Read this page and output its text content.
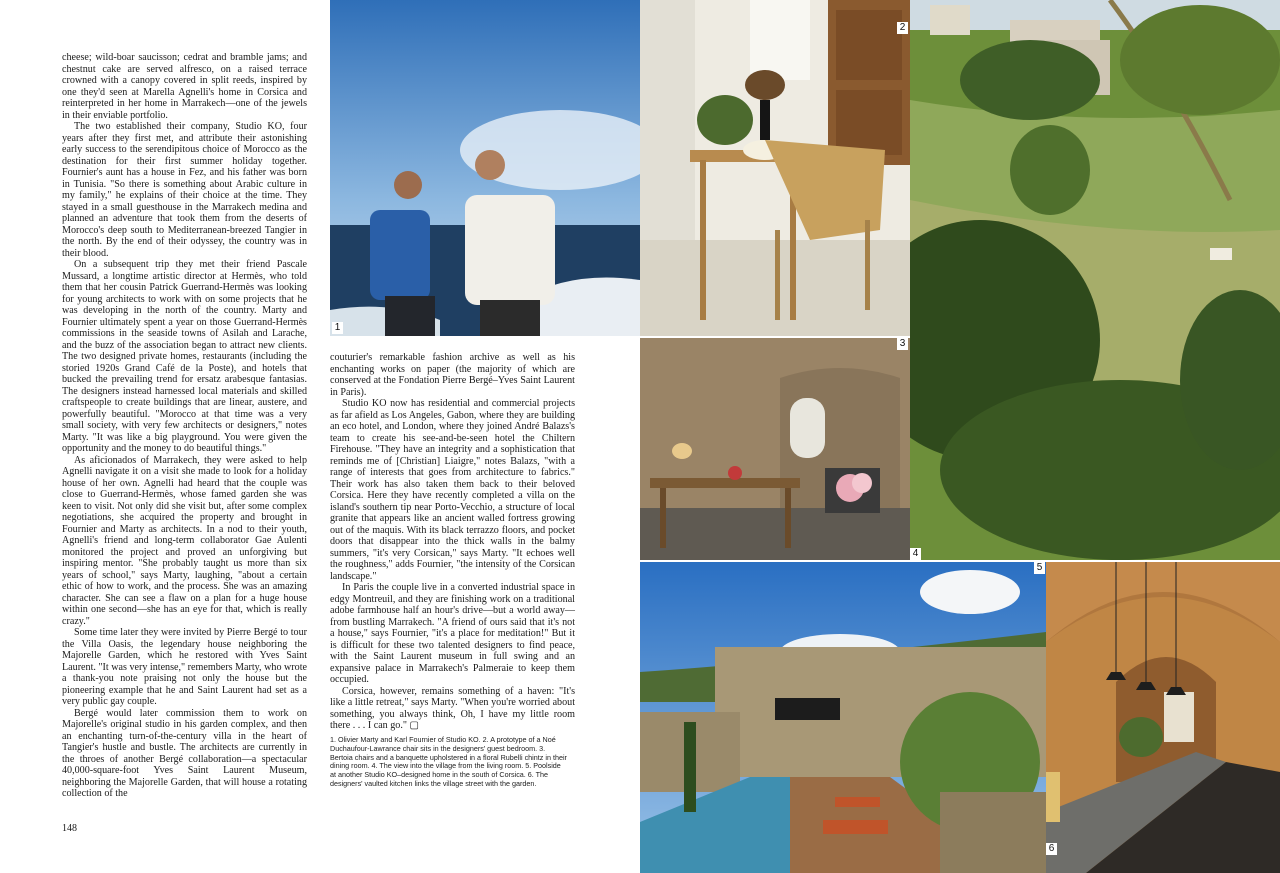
cheese; wild-boar saucisson; cedrat and bramble jams; and chestnut cake are served alfresco, on a raised terrace crowned with a canopy covered in split reeds, inspired by one they'd seen at Marella Agnelli's home in Corsica and reinterpreted in her home in Marrakech—one of the jewels in their enviable portfolio.

The two established their company, Studio KO, four years after they first met, and attribute their astonishing early success to the serendipitous choice of Morocco as the destination for their first summer holiday together. Fournier's aunt has a house in Fez, and his father was born in Tunisia. "So there is something about Arabic culture in my family," he explains of their choice at the time. They stayed in a small guesthouse in the Marrakech medina and planned an adventure that took them from the deserts of Morocco's deep south to Mediterranean-breezed Tangier in the north. By the end of their odyssey, the country was in their blood.

On a subsequent trip they met their friend Pascale Mussard, a longtime artistic director at Hermès, who told them that her cousin Patrick Guerrand-Hermès was looking for young architects to work with on some projects that he was developing in the north of the country. Marty and Fournier ultimately spent a year on those Guerrand-Hermès commissions in the seaside towns of Asilah and Larache, and the buzz of the association began to attract new clients. The two designed private homes, restaurants (including the storied 1920s Grand Café de la Poste), and hotels that bucked the prevailing trend for ersatz arabesque fantasias. The designers instead harnessed local materials and skilled craftspeople to create buildings that are linear, austere, and powerfully beautiful. "Morocco at that time was a very small society, with very few architects or designers," notes Marty. "It was like a big playground. You were given the opportunity and the money to do beautiful things."

As aficionados of Marrakech, they were asked to help Agnelli navigate it on a visit she made to look for a holiday house of her own. Agnelli had heard that the couple was close to Guerrand-Hermès, whose famed garden she was keen to visit. Not only did she visit but, after some complex negotiations, she acquired the property and brought in Fournier and Marty as architects. In a nod to their youth, Agnelli's friend and long-term collaborator Gae Aulenti monitored the project and proved an unforgiving but inspiring mentor. "She probably taught us more than six years of school," says Marty, laughing, "about a certain ethic of how to work, and the process. She was an amazing character. She can see a flaw on a plan for a huge house within one second—she has an eye for that, which is really crazy."

Some time later they were invited by Pierre Bergé to tour the Villa Oasis, the legendary house neighboring the Majorelle Garden, which he restored with Yves Saint Laurent. "It was very intense," remembers Marty, who wrote a thank-you note praising not only the house but the pioneering example that he and Saint Laurent had set as a very public gay couple.

Bergé would later commission them to work on Majorelle's original studio in his garden complex, and then an enchanting turn-of-the-century villa in the heart of Tangier's hustle and bustle. The architects are currently in the throes of another Bergé collaboration—a spectacular 40,000-square-foot Yves Saint Laurent Museum, neighboring the Majorelle Garden, that will house a rotating collection of the

couturier's remarkable fashion archive as well as his enchanting works on paper (the majority of which are conserved at the Fondation Pierre Bergé–Yves Saint Laurent in Paris).

Studio KO now has residential and commercial projects as far afield as Los Angeles, Gabon, where they are building an eco hotel, and London, where they joined André Balazs's team to create his see-and-be-seen hotel the Chiltern Firehouse. "They have an integrity and a sophistication that reminds me of [Christian] Liaigre," notes Balazs, "with a range of interests that goes from architecture to fabrics." Their work has also taken them back to their beloved Corsica. Here they have recently completed a villa on the island's southern tip near Porto-Vecchio, a structure of local granite that appears like an ancient walled fortress growing out of the maquis. With its black terrazzo floors, and pocket doors that disappear into the thick walls in the balmy summers, "it's very Corsican," says Marty. "It echoes well the roughness," adds Fournier, "the intensity of the Corsican landscape."

In Paris the couple live in a converted industrial space in edgy Montreuil, and they are finishing work on a traditional adobe farmhouse half an hour's drive—but a world away—from bustling Marrakech. "A friend of ours said that it's not a house," says Fournier, "it's a place for meditation!" But it is difficult for these two talented designers to find peace, with the Saint Laurent museum in full swing and an expansive palace in Marrakech's Palmeraie to keep them occupied.

Corsica, however, remains something of a haven: "It's like a little retreat," says Marty. "When you're worried about something, you always think, Oh, I have my little room there . . . I can go." ▢

1. Olivier Marty and Karl Fournier of Studio KO. 2. A prototype of a Noé Duchaufour-Lawrance chair sits in the designers' guest bedroom. 3. Bertoia chairs and a banquette upholstered in a floral Rubelli chintz in their dining room. 4. The view into the village from the living room. 5. Poolside at another Studio KO–designed home in the south of Corsica. 6. The designers' vaulted kitchen links the village street with the garden.
148
1
2
3
4
5
6
